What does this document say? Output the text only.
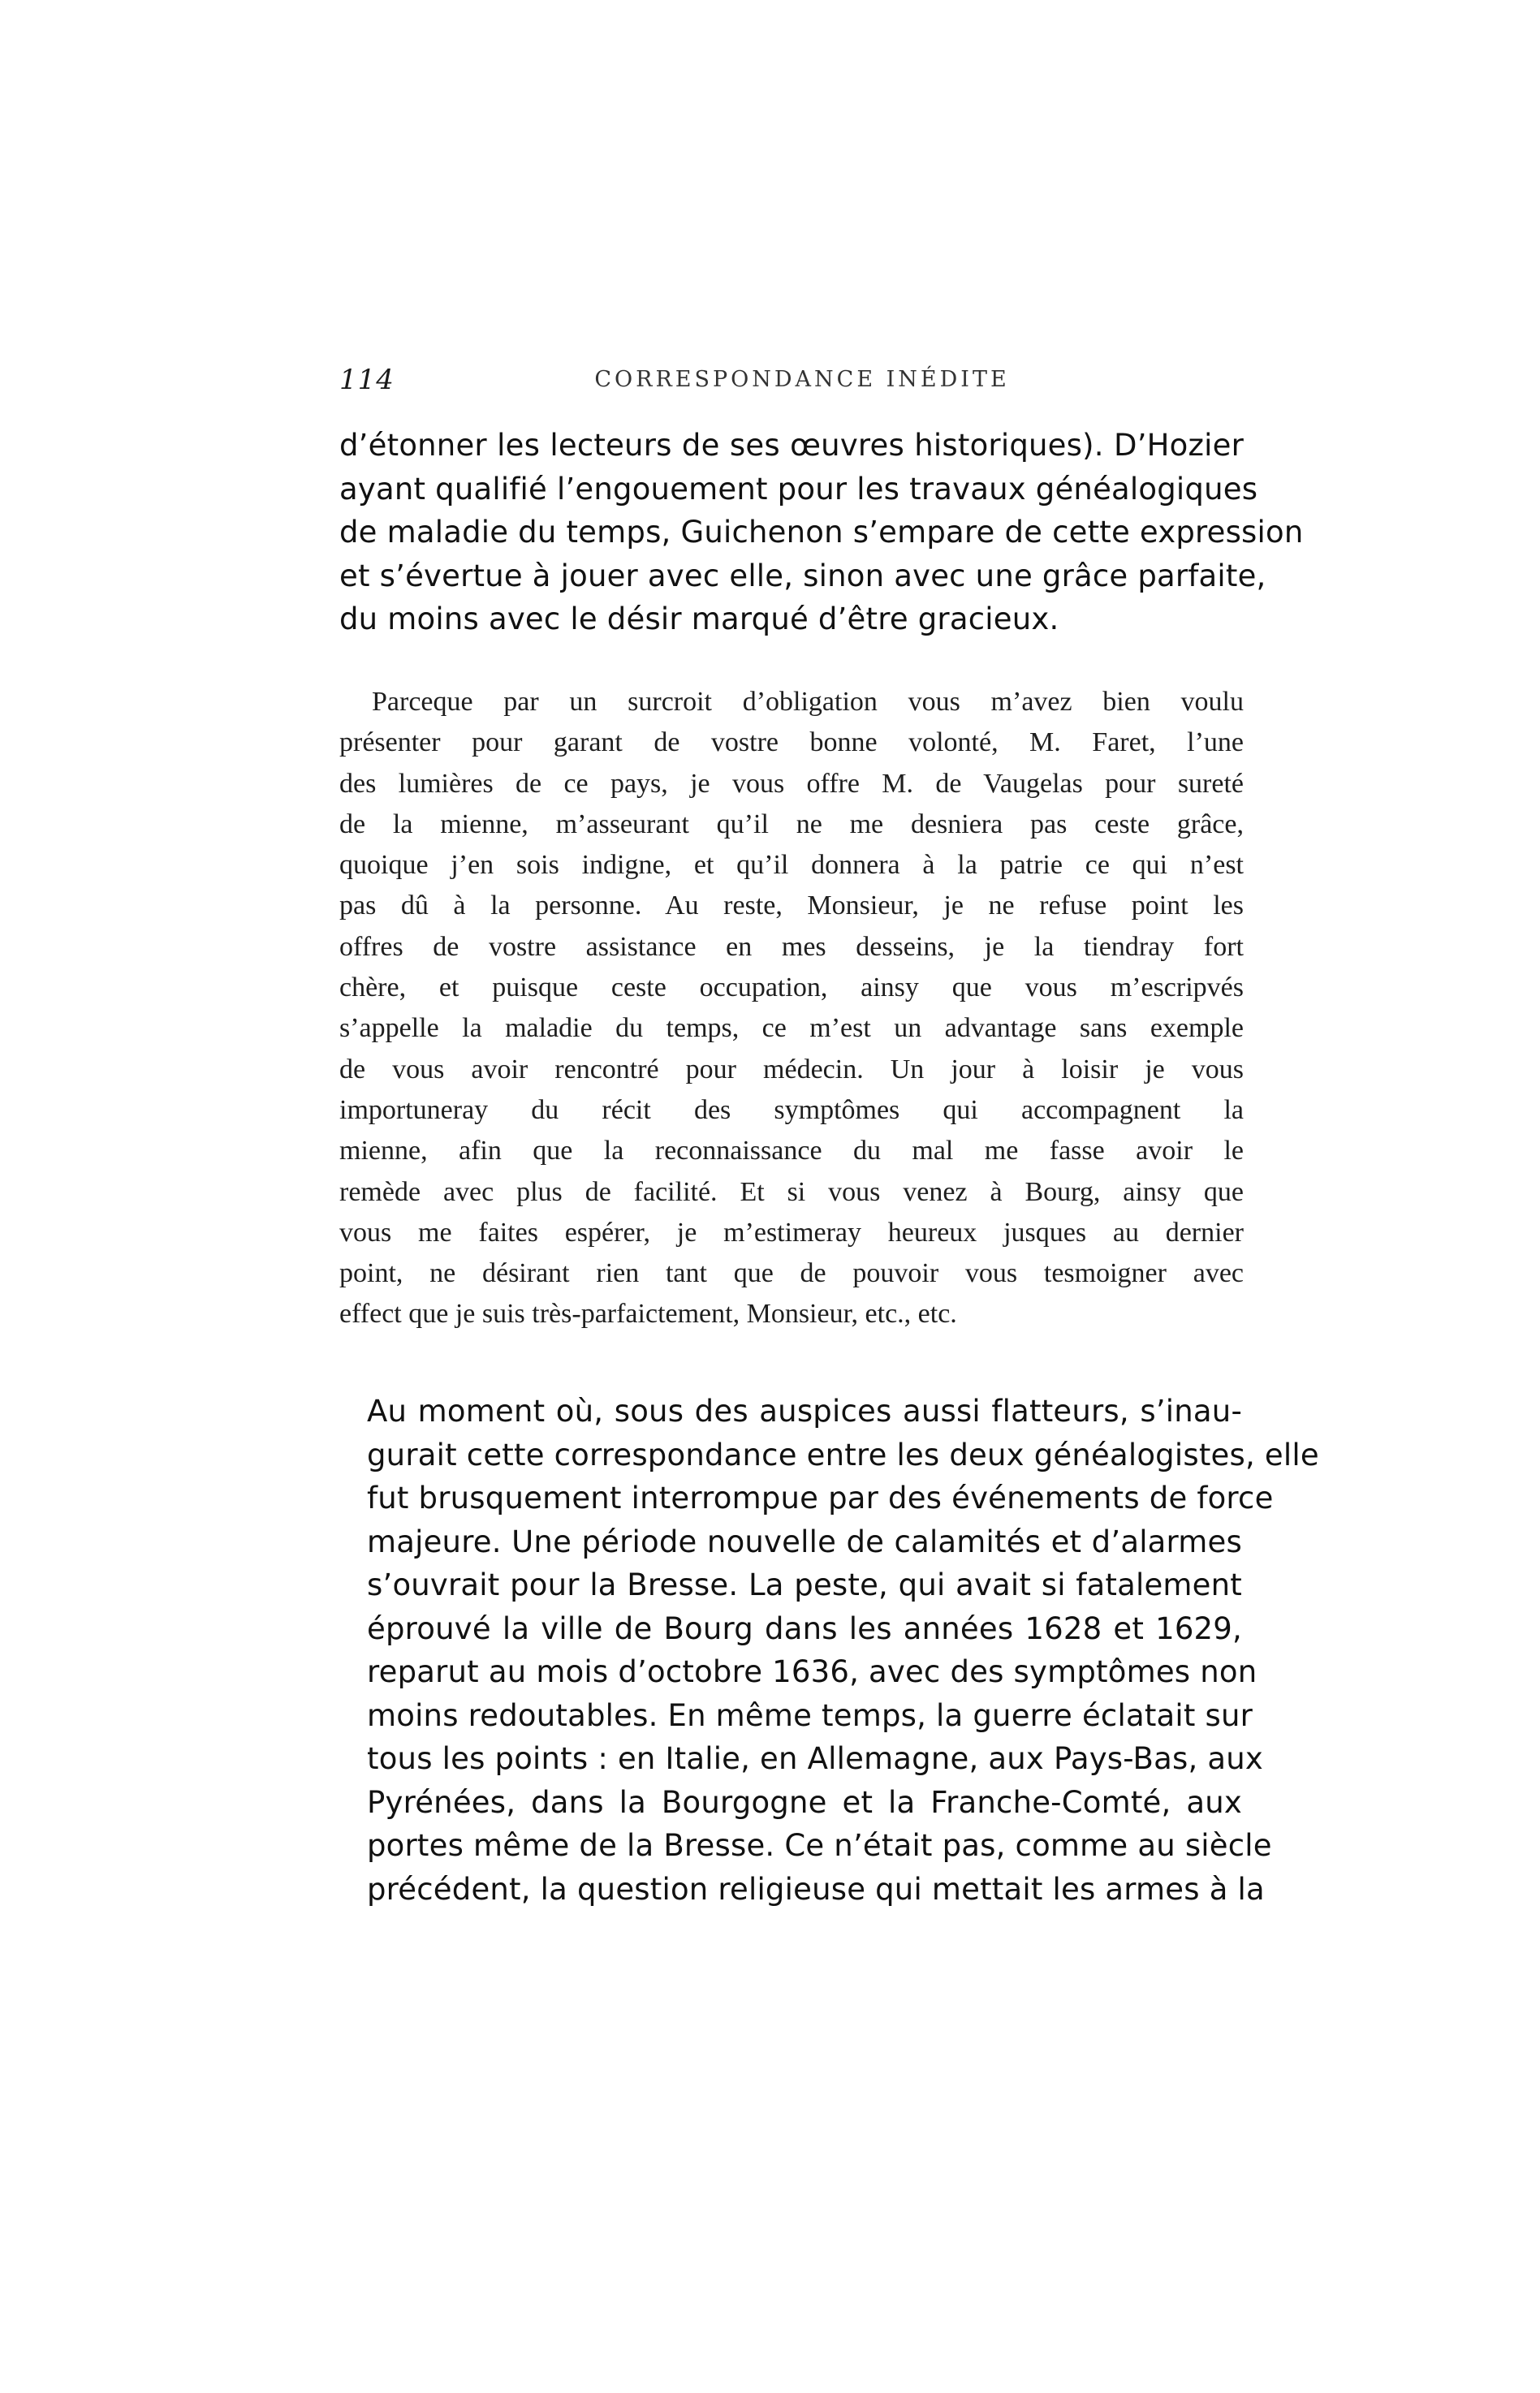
114	CORRESPONDANCE INÉDITE
d’étonner les lecteurs de ses œuvres historiques). D’Hozier
ayant qualifié l’engouement pour les travaux généalogiques
de maladie du temps, Guichenon s’empare de cette expression
et s’évertue à jouer avec elle, sinon avec une grâce parfaite,
du moins avec le désir marqué d’être gracieux.
Parceque par un surcroit d’obligation vous m’avez bien voulu
présenter pour garant de vostre bonne volonté, M. Faret, l’une
des lumières de ce pays, je vous offre M. de Vaugelas pour sureté
de la mienne, m’asseurant qu’il ne me desniera pas ceste grâce,
quoique j’en sois indigne, et qu’il donnera à la patrie ce qui n’est
pas dû à la personne. Au reste, Monsieur, je ne refuse point les
offres de vostre assistance en mes desseins, je la tiendray fort
chère, et puisque ceste occupation, ainsy que vous m’escripvés
s’appelle la maladie du temps, ce m’est un advantage sans exemple
de vous avoir rencontré pour médecin. Un jour à loisir je vous
importuneray du récit des symptômes qui accompagnent la
mienne, afin que la reconnaissance du mal me fasse avoir le
remède avec plus de facilité. Et si vous venez à Bourg, ainsy que
vous me faites espérer, je m’estimeray heureux jusques au dernier
point, ne désirant rien tant que de pouvoir vous tesmoigner avec
effect que je suis très-parfaictement, Monsieur, etc., etc.
Au moment où, sous des auspices aussi flatteurs, s’inau-
gurait cette correspondance entre les deux généalogistes, elle
fut brusquement interrompue par des événements de force
majeure. Une période nouvelle de calamités et d’alarmes
s’ouvrait pour la Bresse. La peste, qui avait si fatalement
éprouvé la ville de Bourg dans les années 1628 et 1629,
reparut au mois d’octobre 1636, avec des symptômes non
moins redoutables. En même temps, la guerre éclatait sur
tous les points : en Italie, en Allemagne, aux Pays-Bas, aux
Pyrénées, dans la Bourgogne et la Franche-Comté, aux
portes même de la Bresse. Ce n’était pas, comme au siècle
précédent, la question religieuse qui mettait les armes à la
